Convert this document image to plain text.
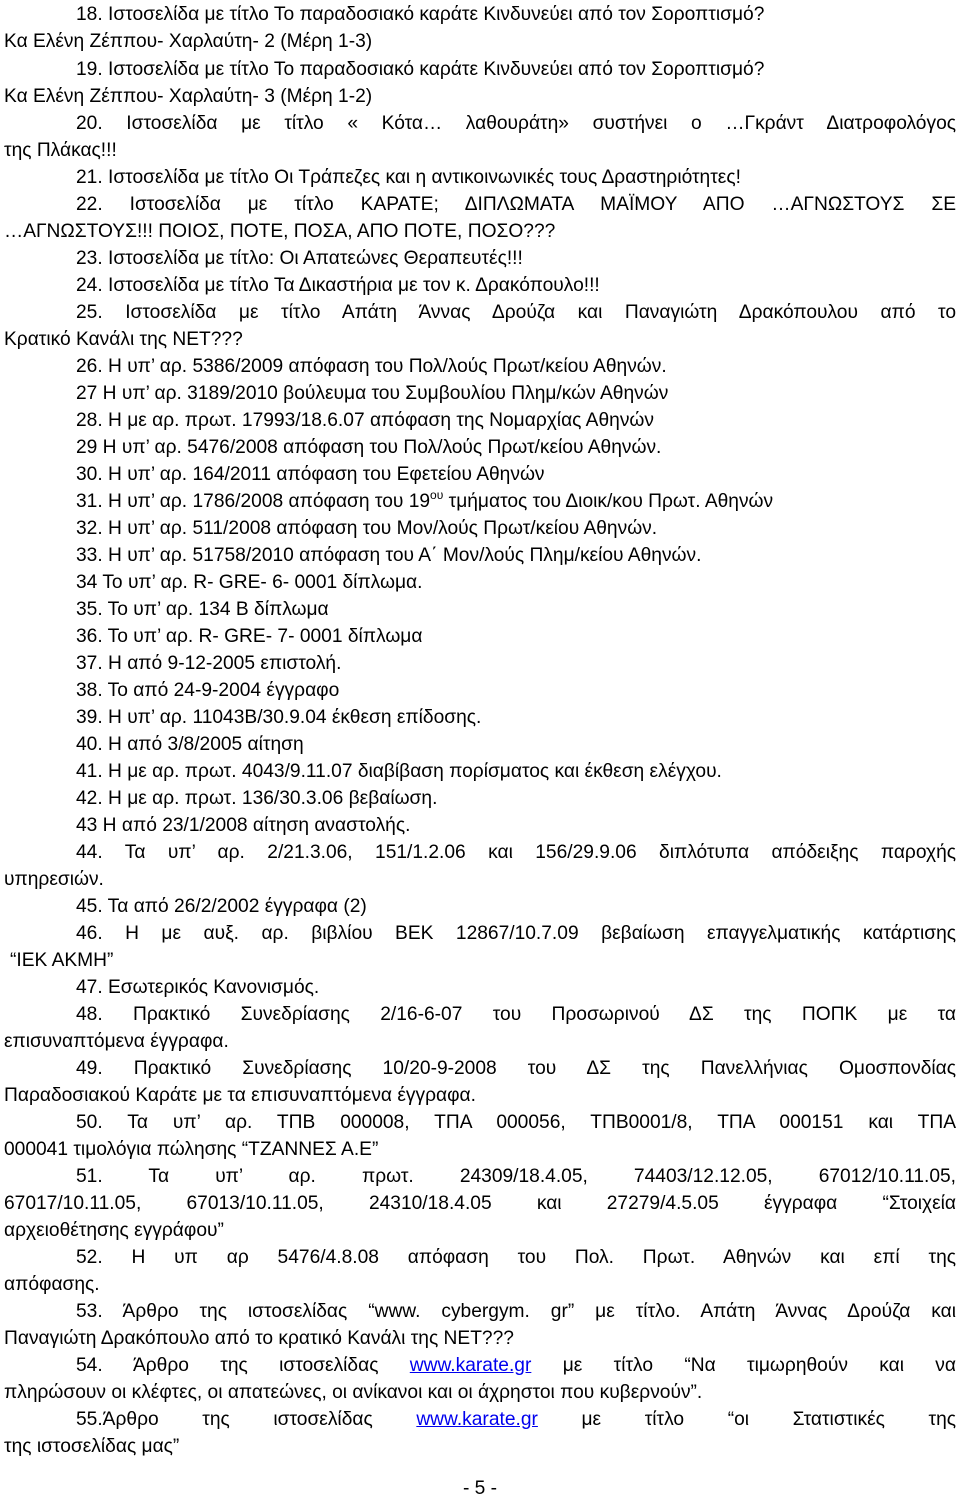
18. Ιστοσελίδα με τίτλο Το παραδοσιακό καράτε Κινδυνεύει από τον Σοροπτισμό?
Κα Ελένη Ζέππου- Χαρλαύτη- 2 (Μέρη 1-3)
19. Ιστοσελίδα με τίτλο Το παραδοσιακό καράτε Κινδυνεύει από τον Σοροπτισμό?
Κα Ελένη Ζέππου- Χαρλαύτη- 3 (Μέρη 1-2)
20. Ιστοσελίδα με τίτλο « Κότα… λαθουράτη» συστήνει ο …Γκράντ Διατροφολόγος
της Πλάκας!!!
21. Ιστοσελίδα με τίτλο Οι Τράπεζες και η αντικοινωνικές τους Δραστηριότητες!
22. Ιστοσελίδα με τίτλο ΚΑΡΑΤΕ; ΔΙΠΛΩΜΑΤΑ ΜΑΪΜΟΥ ΑΠΟ …ΑΓΝΩΣΤΟΥΣ ΣΕ
…ΑΓΝΩΣΤΟΥΣ!!! ΠΟΙΟΣ, ΠΟΤΕ, ΠΟΣΑ, ΑΠΟ ΠΟΤΕ, ΠΟΣΟ???
23. Ιστοσελίδα με τίτλο: Οι Απατεώνες Θεραπευτές!!!
24. Ιστοσελίδα με τίτλο Τα Δικαστήρια με τον κ. Δρακόπουλο!!!
25. Ιστοσελίδα με τίτλο Απάτη Άννας Δρούζα και Παναγιώτη Δρακόπουλου από το
Κρατικό Κανάλι της ΝΕΤ???
26. Η υπ’ αρ. 5386/2009 απόφαση του Πολ/λούς Πρωτ/κείου Αθηνών.
27 Η υπ’ αρ. 3189/2010 βούλευμα του Συμβουλίου Πλημ/κών Αθηνών
28. Η με αρ. πρωτ. 17993/18.6.07 απόφαση της Νομαρχίας Αθηνών
29 Η υπ’ αρ. 5476/2008 απόφαση του Πολ/λούς Πρωτ/κείου Αθηνών.
30. Η υπ’ αρ. 164/2011 απόφαση του Εφετείου Αθηνών
31. Η υπ’ αρ. 1786/2008 απόφαση του $19^{o\upsilon}$ τμήματος του Διοικ/κου Πρωτ. Αθηνών
32. Η υπ’ αρ. 511/2008 απόφαση του Μον/λούς Πρωτ/κείου Αθηνών.
33. Η υπ’ αρ. 51758/2010 απόφαση του Α΄ Μον/λούς Πλημ/κείου Αθηνών.
34 Το υπ’ αρ. R- GRE- 6- 0001 δίπλωμα.
35. Το υπ’ αρ. 134 Β δίπλωμα
36. Το υπ’ αρ. R- GRE- 7- 0001 δίπλωμα
37. Η από 9-12-2005 επιστολή.
38. Το από 24-9-2004 έγγραφο
39. Η υπ’ αρ. 11043Β/30.9.04 έκθεση επίδοσης.
40. Η από 3/8/2005 αίτηση
41. Η με αρ. πρωτ. 4043/9.11.07 διαβίβαση πορίσματος και έκθεση ελέγχου.
42. Η με αρ. πρωτ. 136/30.3.06 βεβαίωση.
43 Η από 23/1/2008 αίτηση αναστολής.
44. Τα υπ’ αρ. 2/21.3.06, 151/1.2.06 και 156/29.9.06 διπλότυπα απόδειξης παροχής
υπηρεσιών.
45. Τα από 26/2/2002 έγγραφα (2)
46. Η με αυξ. αρ. βιβλίου ΒΕΚ 12867/10.7.09 βεβαίωση επαγγελματικής κατάρτισης
“ΙΕΚ ΑΚΜΗ”
47. Εσωτερικός Κανονισμός.
48. Πρακτικό Συνεδρίασης 2/16-6-07 του Προσωρινού ΔΣ της ΠΟΠΚ με τα
επισυναπτόμενα έγγραφα.
49. Πρακτικό Συνεδρίασης 10/20-9-2008 του ΔΣ της Πανελλήνιας Ομοσπονδίας
Παραδοσιακού Καράτε με τα επισυναπτόμενα έγγραφα.
50. Τα υπ’ αρ. ΤΠΒ 000008, ΤΠΑ 000056, ΤΠΒ0001/8, ΤΠΑ 000151 και ΤΠΑ
000041 τιμολόγια πώλησης “ΤΖΑΝΝΕΣ Α.Ε”
51. Τα υπ’ αρ. πρωτ. 24309/18.4.05, 74403/12.12.05, 67012/10.11.05,
67017/10.11.05, 67013/10.11.05, 24310/18.4.05 και 27279/4.5.05 έγγραφα “Στοιχεία
αρχειοθέτησης εγγράφου”
52. Η υπ αρ 5476/4.8.08 απόφαση του Πολ. Πρωτ. Αθηνών και επί της
απόφασης.
53. Άρθρο της ιστοσελίδας “www. cybergym. gr” με τίτλο. Απάτη Άννας Δρούζα και
Παναγιώτη Δρακόπουλο από το κρατικό Κανάλι της ΝΕΤ???
54. Άρθρο της ιστοσελίδας www.karate.gr με τίτλο “Να τιμωρηθούν και να
πληρώσουν οι κλέφτες, οι απατεώνες, οι ανίκανοι και οι άχρηστοι που κυβερνούν”.
55.Άρθρο της ιστοσελίδας www.karate.gr με τίτλο “οι Στατιστικές της
της ιστοσελίδας μας”
- 5 -
